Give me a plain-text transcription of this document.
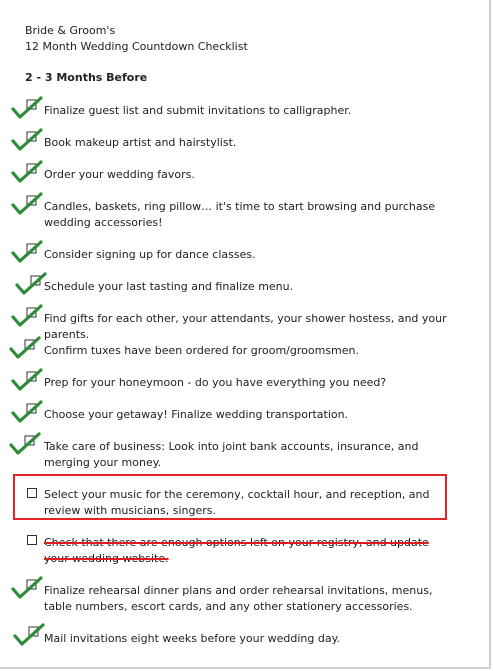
Bride & Groom's
12 Month Wedding Countdown Checklist
2 - 3 Months Before
Finalize guest list and submit invitations to calligrapher.
Book makeup artist and hairstylist.
Order your wedding favors.
Candles, baskets, ring pillow… it's time to start browsing and purchase wedding accessories!
Consider signing up for dance classes.
Schedule your last tasting and finalize menu.
Find gifts for each other, your attendants, your shower hostess, and your parents.
Confirm tuxes have been ordered for groom/groomsmen.
Prep for your honeymoon - do you have everything you need?
Choose your getaway! Finalize wedding transportation.
Take care of business: Look into joint bank accounts, insurance, and merging your money.
Select your music for the ceremony, cocktail hour, and reception, and review with musicians, singers.
Check that there are enough options left on your registry, and update your wedding website.
Finalize rehearsal dinner plans and order rehearsal invitations, menus, table numbers, escort cards, and any other stationery accessories.
Mail invitations eight weeks before your wedding day.
